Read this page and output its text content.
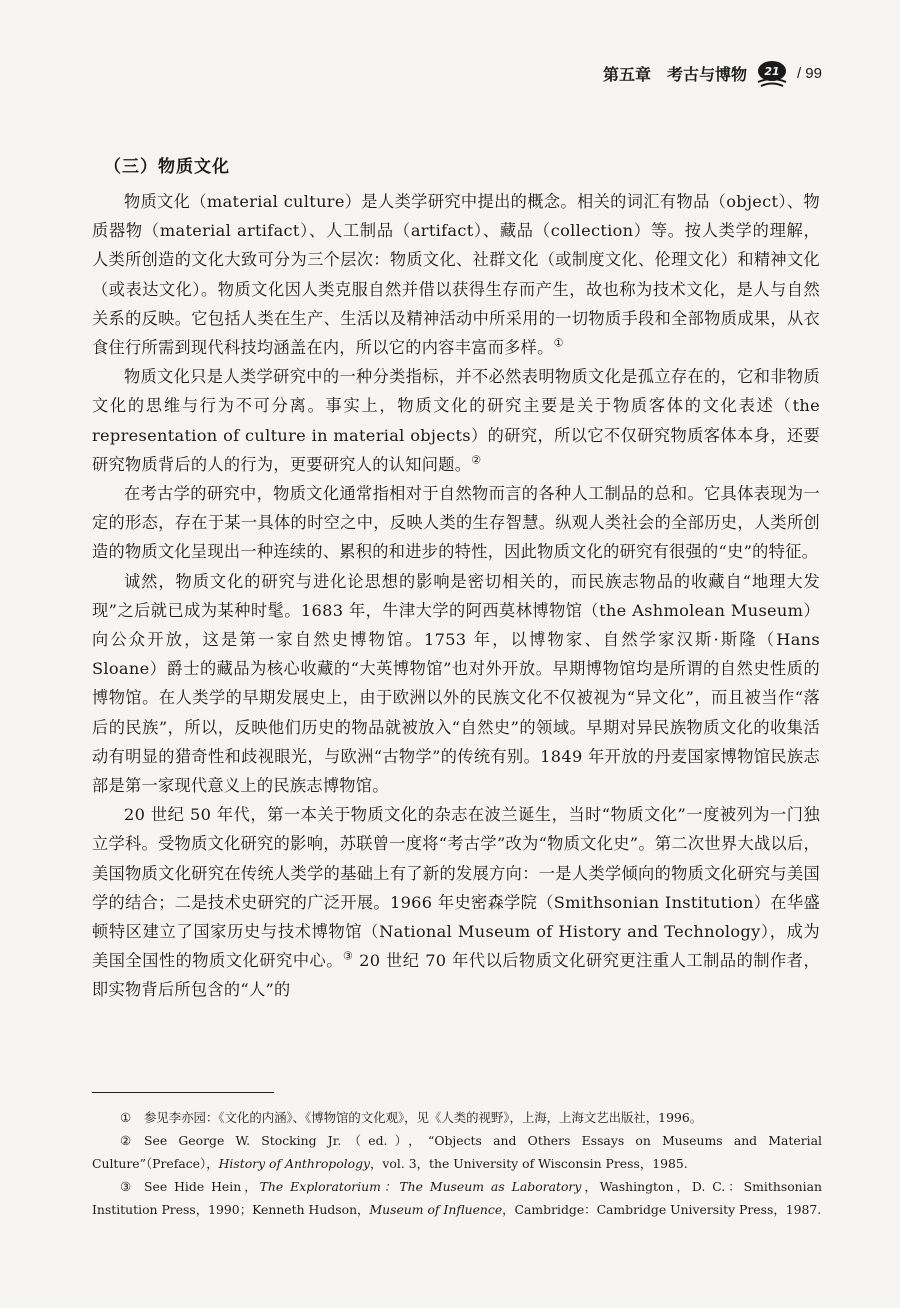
第五章　考古与博物 21 / 99
（三）物质文化

物质文化（material culture）是人类学研究中提出的概念。相关的词汇有物品（object）、物质器物（material artifact）、人工制品（artifact）、藏品（collection）等。按人类学的理解，人类所创造的文化大致可分为三个层次：物质文化、社群文化（或制度文化、伦理文化）和精神文化（或表达文化）。物质文化因人类克服自然并借以获得生存而产生，故也称为技术文化，是人与自然关系的反映。它包括人类在生产、生活以及精神活动中所采用的一切物质手段和全部物质成果，从衣食住行所需到现代科技均涵盖在内，所以它的内容丰富而多样。①

物质文化只是人类学研究中的一种分类指标，并不必然表明物质文化是孤立存在的，它和非物质文化的思维与行为不可分离。事实上，物质文化的研究主要是关于物质客体的文化表述（the representation of culture in material objects）的研究，所以它不仅研究物质客体本身，还要研究物质背后的人的行为，更要研究人的认知问题。②

在考古学的研究中，物质文化通常指相对于自然物而言的各种人工制品的总和。它具体表现为一定的形态，存在于某一具体的时空之中，反映人类的生存智慧。纵观人类社会的全部历史，人类所创造的物质文化呈现出一种连续的、累积的和进步的特性，因此物质文化的研究有很强的“史”的特征。

诚然，物质文化的研究与进化论思想的影响是密切相关的，而民族志物品的收藏自“地理大发现”之后就已成为某种时髦。1683 年，牛津大学的阿西莫林博物馆（the Ashmolean Museum）向公众开放，这是第一家自然史博物馆。1753 年，以博物家、自然学家汉斯·斯隆（Hans Sloane）爵士的藏品为核心收藏的“大英博物馆”也对外开放。早期博物馆均是所谓的自然史性质的博物馆。在人类学的早期发展史上，由于欧洲以外的民族文化不仅被视为“异文化”，而且被当作“落后的民族”，所以，反映他们历史的物品就被放入“自然史”的领域。早期对异民族物质文化的收集活动有明显的猎奇性和歧视眼光，与欧洲“古物学”的传统有别。1849 年开放的丹麦国家博物馆民族志部是第一家现代意义上的民族志博物馆。

20 世纪 50 年代，第一本关于物质文化的杂志在波兰诞生，当时“物质文化”一度被列为一门独立学科。受物质文化研究的影响，苏联曾一度将“考古学”改为“物质文化史”。第二次世界大战以后，美国物质文化研究在传统人类学的基础上有了新的发展方向：一是人类学倾向的物质文化研究与美国学的结合；二是技术史研究的广泛开展。1966 年史密森学院（Smithsonian Institution）在华盛顿特区建立了国家历史与技术博物馆（National Museum of History and Technology），成为美国全国性的物质文化研究中心。③ 20 世纪 70 年代以后物质文化研究更注重人工制品的制作者，即实物背后所包含的“人”的

① 参见李亦园：《文化的内涵》、《博物馆的文化观》，见《人类的视野》，上海，上海文艺出版社，1996。

② See George W. Stocking Jr.（ed.），“Objects and Others Essays on Museums and Material Culture”（Preface），History of Anthropology，vol. 3，the University of Wisconsin Press，1985.

③ See Hide Hein，The Exploratorium：The Museum as Laboratory，Washington，D. C.：Smithsonian Institution Press，1990；Kenneth Hudson，Museum of Influence，Cambridge：Cambridge University Press，1987.
